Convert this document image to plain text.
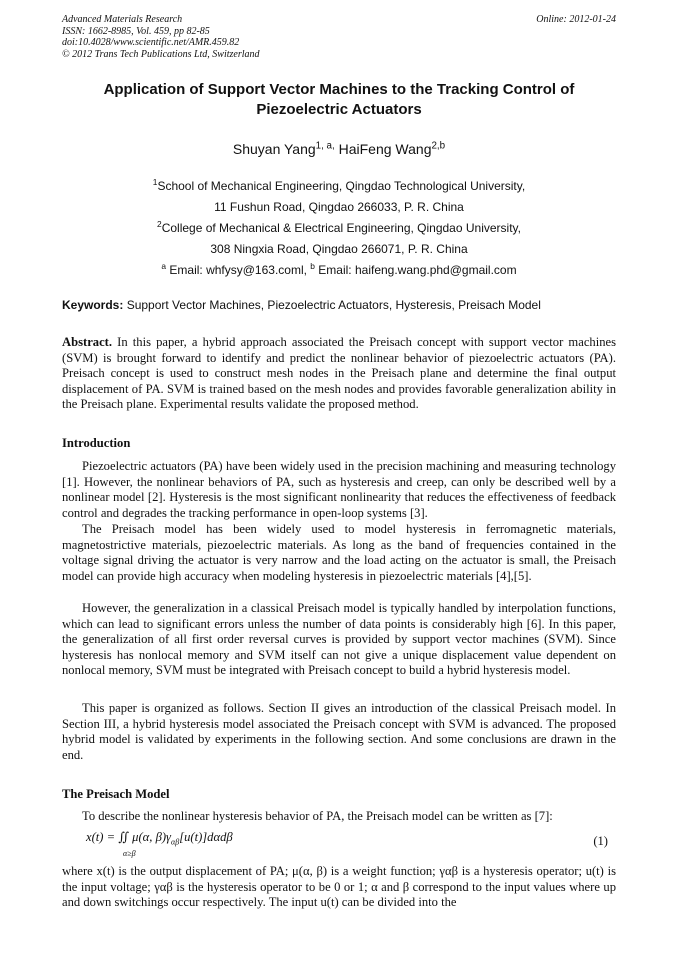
Advanced Materials Research
ISSN: 1662-8985, Vol. 459, pp 82-85
doi:10.4028/www.scientific.net/AMR.459.82
© 2012 Trans Tech Publications Ltd, Switzerland
Online: 2012-01-24
Application of Support Vector Machines to the Tracking Control of Piezoelectric Actuators
Shuyan Yang$^{1, a,}$ HaiFeng Wang$^{2,b}$
$^1$School of Mechanical Engineering, Qingdao Technological University,
11 Fushun Road, Qingdao 266033, P. R. China
$^2$College of Mechanical & Electrical Engineering, Qingdao University,
308 Ningxia Road, Qingdao 266071, P. R. China
$^a$ Email: whfysy@163.coml, $^b$ Email: haifeng.wang.phd@gmail.com
Keywords: Support Vector Machines, Piezoelectric Actuators, Hysteresis, Preisach Model
Abstract. In this paper, a hybrid approach associated the Preisach concept with support vector machines (SVM) is brought forward to identify and predict the nonlinear behavior of piezoelectric actuators (PA). Preisach concept is used to construct mesh nodes in the Preisach plane and determine the final output displacement of PA. SVM is trained based on the mesh nodes and provides favorable generalization ability in the Preisach plane. Experimental results validate the proposed method.
Introduction
Piezoelectric actuators (PA) have been widely used in the precision machining and measuring technology [1]. However, the nonlinear behaviors of PA, such as hysteresis and creep, can only be described well by a nonlinear model [2]. Hysteresis is the most significant nonlinearity that reduces the effectiveness of feedback control and degrades the tracking performance in open-loop systems [3].
The Preisach model has been widely used to model hysteresis in ferromagnetic materials, magnetostrictive materials, piezoelectric materials. As long as the band of frequencies contained in the voltage signal driving the actuator is very narrow and the load acting on the actuator is small, the Preisach model can provide high accuracy when modeling hysteresis in piezoelectric materials [4],[5].
However, the generalization in a classical Preisach model is typically handled by interpolation functions, which can lead to significant errors unless the number of data points is considerably high [6]. In this paper, the generalization of all first order reversal curves is provided by support vector machines (SVM). Since hysteresis has nonlocal memory and SVM itself can not give a unique displacement value dependent on nonlocal memory, SVM must be integrated with Preisach concept to build a hybrid hysteresis model.
This paper is organized as follows. Section II gives an introduction of the classical Preisach model. In Section III, a hybrid hysteresis model associated the Preisach concept with SVM is advanced. The proposed hybrid model is validated by experiments in the following section. And some conclusions are drawn in the end.
The Preisach Model
To describe the nonlinear hysteresis behavior of PA, the Preisach model can be written as [7]:
x(t) = ∬ μ(α, $\beta)\gamma_{\alpha\beta}[u(t)]d\alpha d\beta$
α≥β
(1)
where x(t) is the output displacement of PA; μ(α, β) is a weight function; γαβ is a hysteresis operator; u(t) is the input voltage; γαβ is the hysteresis operator to be 0 or 1; α and β correspond to the input values where up and down switchings occur respectively. The input u(t) can be divided into the
